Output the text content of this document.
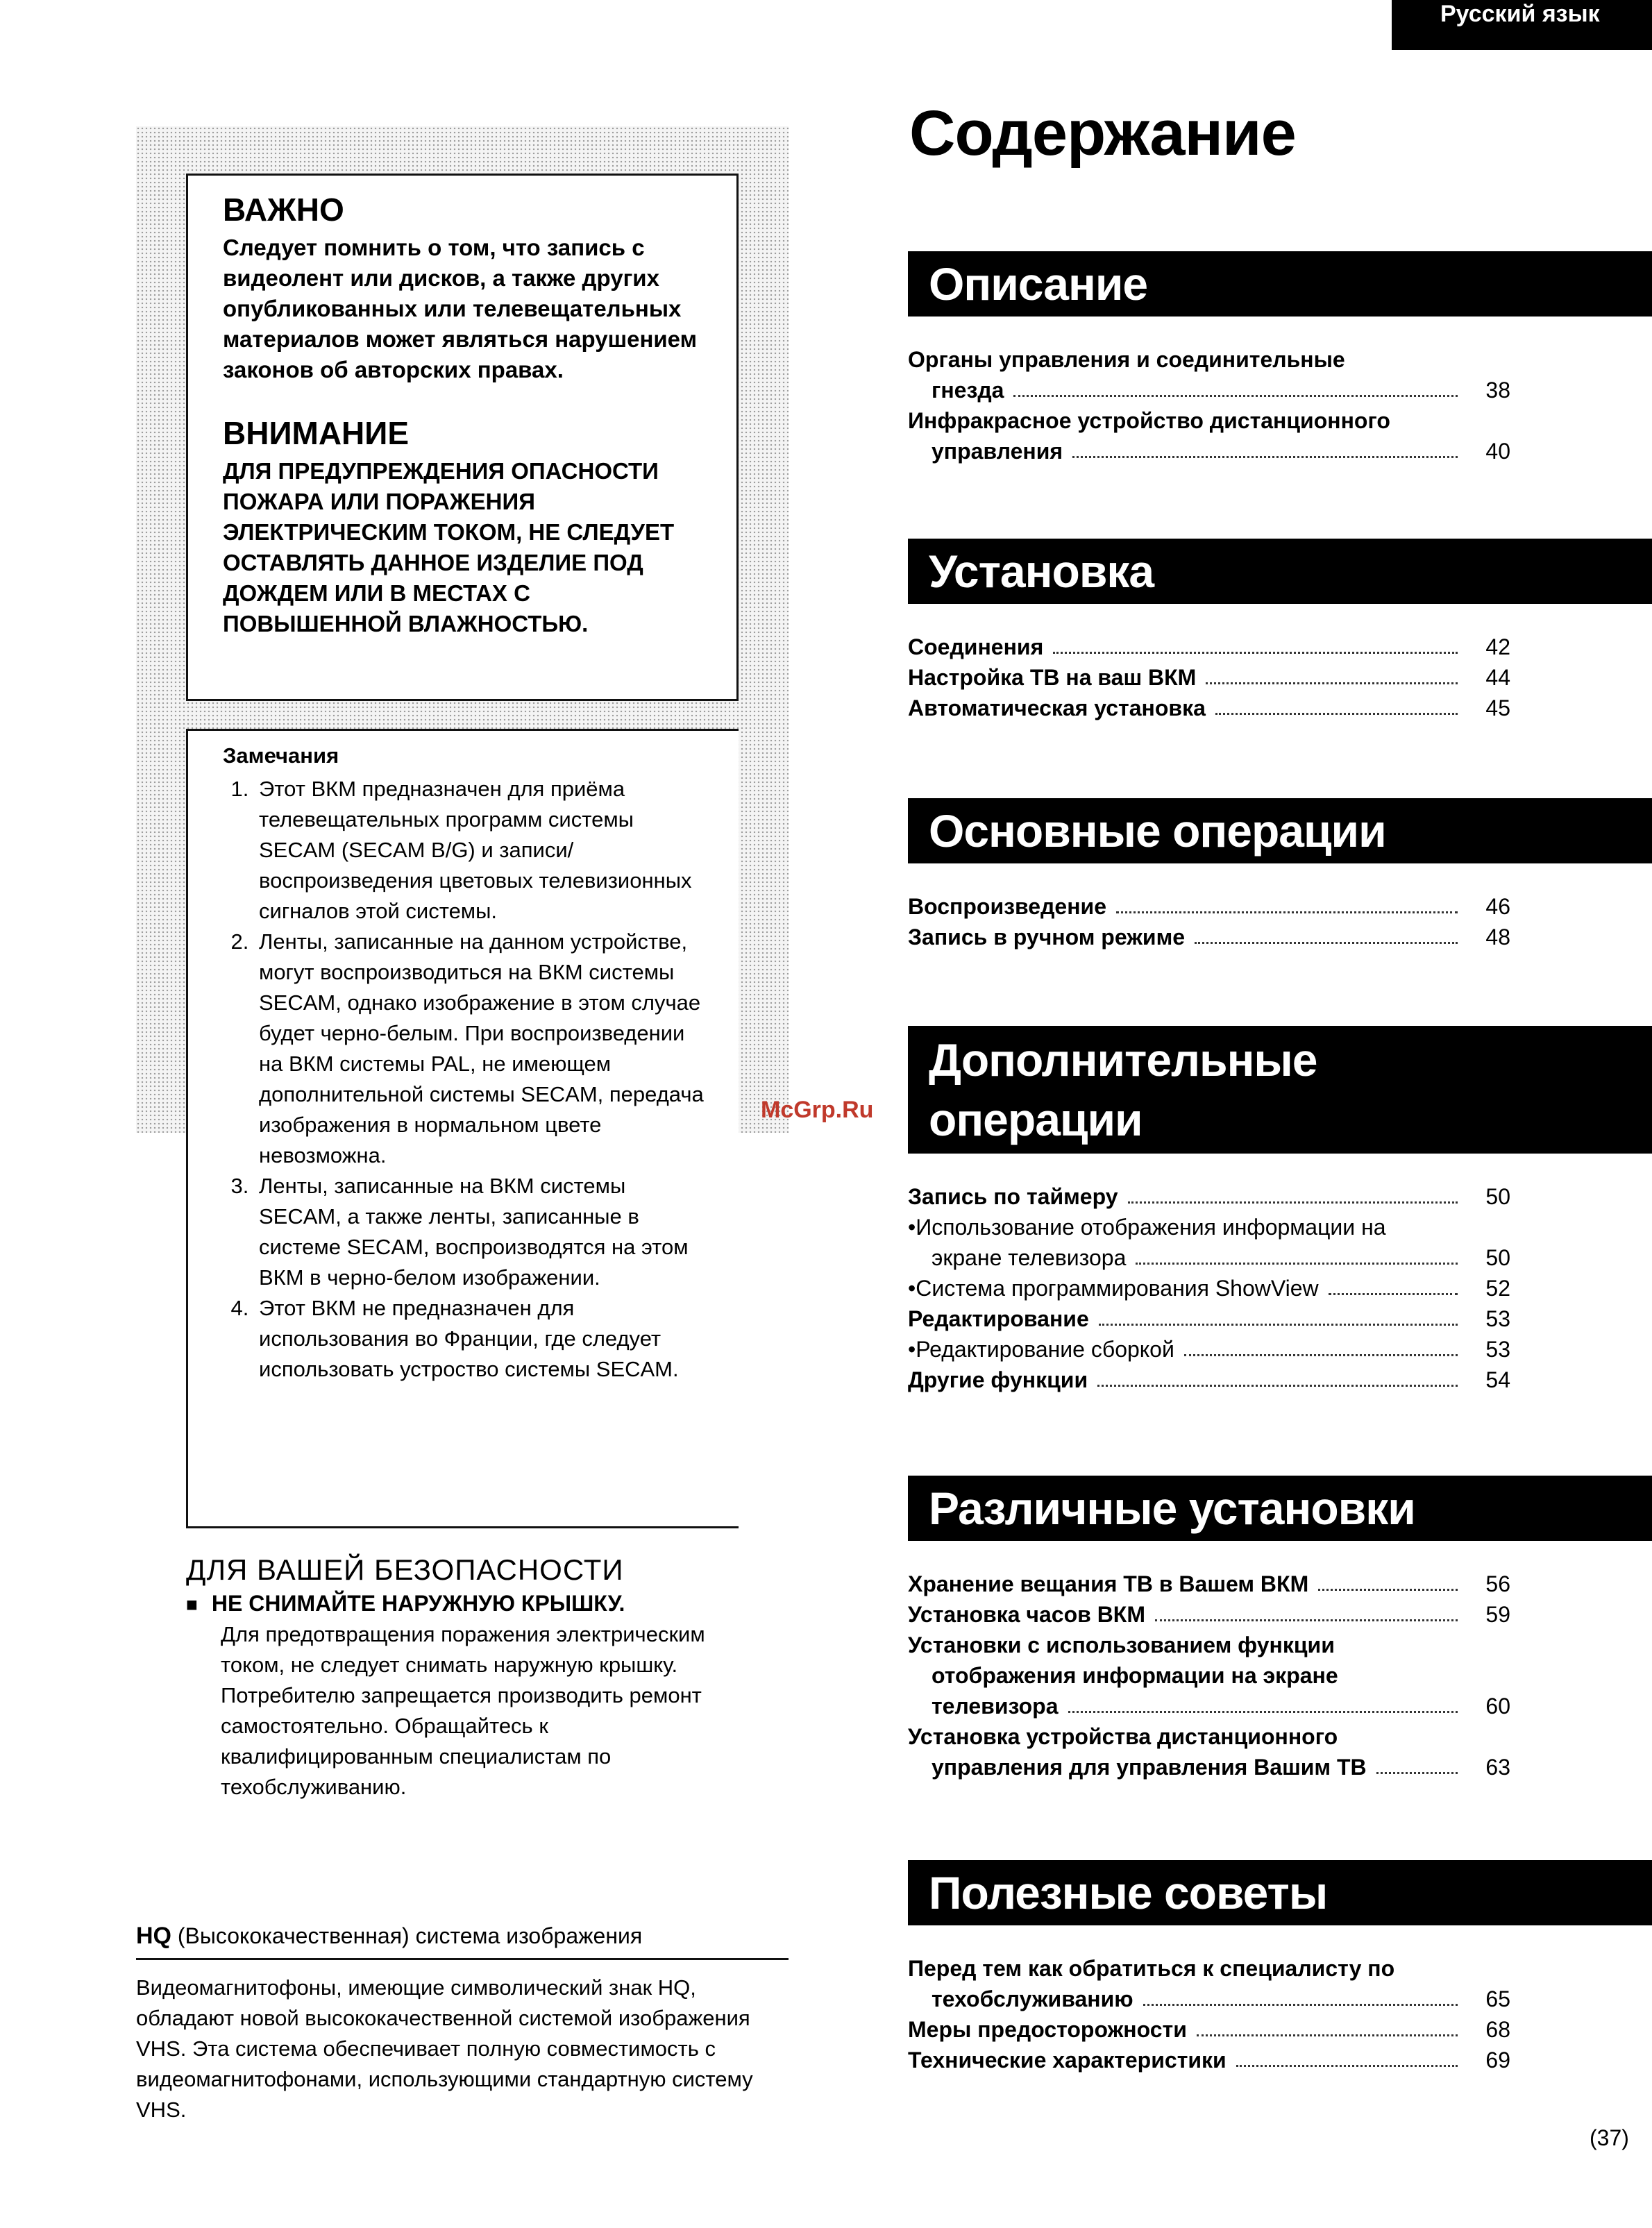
Русский язык
ВАЖНО

Следует помнить о том, что запись с видеолент или дисков, а также других опубликованных или телевещательных материалов может являться нарушением законов об авторских правах.

ВНИМАНИЕ

ДЛЯ ПРЕДУПРЕЖДЕНИЯ ОПАСНОСТИ ПОЖАРА ИЛИ ПОРАЖЕНИЯ ЭЛЕКТРИЧЕСКИМ ТОКОМ, НЕ СЛЕДУЕТ ОСТАВЛЯТЬ ДАННОЕ ИЗДЕЛИЕ ПОД ДОЖДЕМ ИЛИ В МЕСТАХ С ПОВЫШЕННОЙ ВЛАЖНОСТЬЮ.

Замечания
1. Этот ВКМ предназначен для приёма телевещательных программ системы SECAM (SECAM B/G) и записи/ воспроизведения цветовых телевизионных сигналов этой системы.
2. Ленты, записанные на данном устройстве, могут воспроизводиться на ВКМ системы SECAM, однако изображение в этом случае будет черно-белым. При воспроизведении на ВКМ системы PAL, не имеющем дополнительной системы SECAM, передача изображения в нормальном цвете невозможна.
3. Ленты, записанные на ВКМ системы SECAM, а также ленты, записанные в системе SECAM, воспроизводятся на этом ВКМ в черно-белом изображении.
4. Этот ВКМ не предназначен для использования во Франции, где следует использовать устроство системы SECAM.
ДЛЯ ВАШЕЙ БЕЗОПАСНОСТИ
■ НЕ СНИМАЙТЕ НАРУЖНУЮ КРЫШКУ.

Для предотвращения поражения электрическим током, не следует снимать наружную крышку. Потребителю запрещается производить ремонт самостоятельно. Обращайтесь к квалифицированным специалистам по техобслуживанию.

HQ (Высококачественная) система изображения

Видеомагнитофоны, имеющие символический знак HQ, обладают новой высококачественной системой изображения VHS. Эта система обеспечивает полную совместимость с видеомагнитофонами, использующими стандартную систему VHS.

Содержание
McGrp.Ru
Описание
Органы управления и соединительные
гнезда	38
Инфракрасное устройство дистанционного
управления	40
Установка
Соединения	42
Настройка ТВ на ваш ВКМ	44
Автоматическая установка	45
Основные операции
Воспроизведение	46
Запись в ручном режиме	48
Дополнительные
операции
Запись по таймеру	50
•Использование отображения информации на
экране телевизора	50
•Система программирования ShowView	52
Редактирование	53
•Редактирование сборкой	53
Другие функции	54
Различные установки
Хранение вещания ТВ в Вашем ВКМ	56
Установка часов ВКМ	59
Установки с использованием функции
отображения информации на экране
телевизора	60
Установка устройства дистанционного
управления для управления Вашим ТВ	63
Полезные советы
Перед тем как обратиться к специалисту по
техобслуживанию	65
Меры предосторожности	68
Технические характеристики	69
(37)
